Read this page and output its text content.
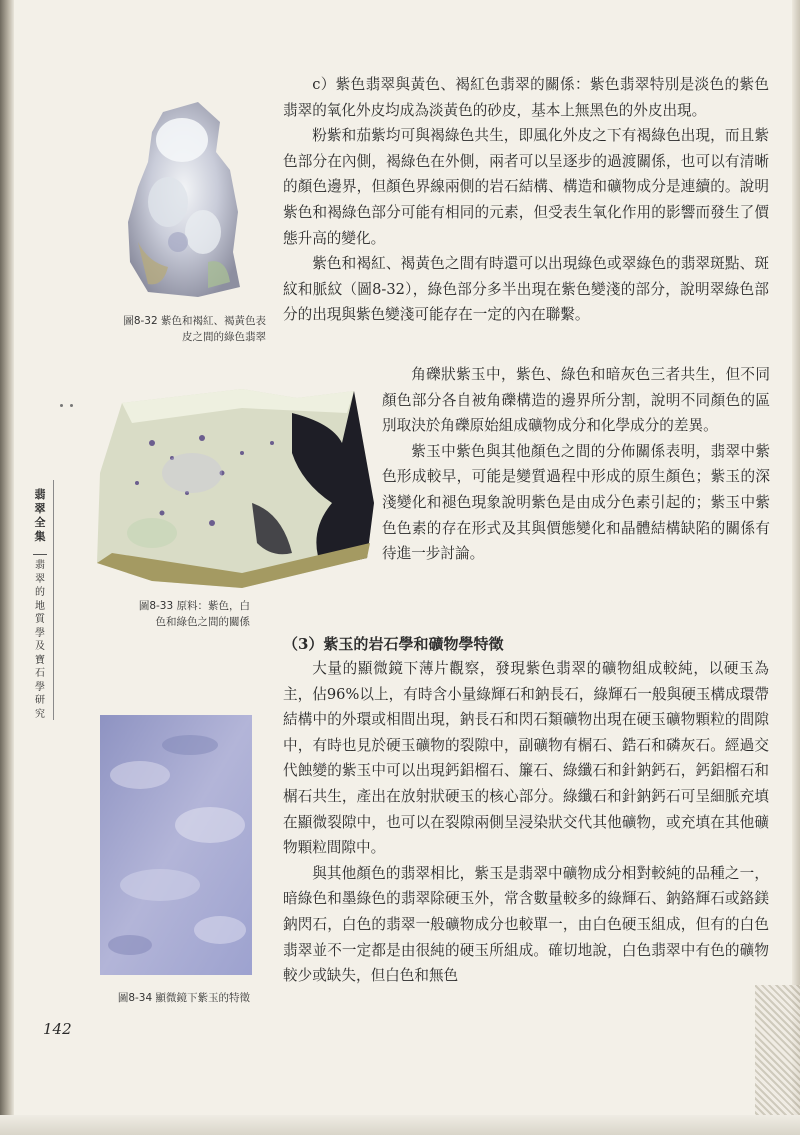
圖8-32 紫色和褐紅、褐黃色表皮之間的綠色翡翠
圖8-33 原料：紫色，白色和綠色之間的關係
圖8-34 顯微鏡下紫玉的特徵
翡翠全集
翡翠的地質學及寶石學研究

c）紫色翡翠與黃色、褐紅色翡翠的關係：紫色翡翠特別是淡色的紫色翡翠的氧化外皮均成為淡黃色的砂皮，基本上無黑色的外皮出現。

粉紫和茄紫均可與褐綠色共生，即風化外皮之下有褐綠色出現，而且紫色部分在內側，褐綠色在外側，兩者可以呈逐步的過渡關係，也可以有清晰的顏色邊界，但顏色界線兩側的岩石結構、構造和礦物成分是連續的。說明紫色和褐綠色部分可能有相同的元素，但受表生氧化作用的影響而發生了價態升高的變化。

紫色和褐紅、褐黃色之間有時還可以出現綠色或翠綠色的翡翠斑點、斑紋和脈紋（圖8-32），綠色部分多半出現在紫色變淺的部分，說明翠綠色部分的出現與紫色變淺可能存在一定的內在聯繫。

角礫狀紫玉中，紫色、綠色和暗灰色三者共生，但不同顏色部分各自被角礫構造的邊界所分割，說明不同顏色的區別取決於角礫原始組成礦物成分和化學成分的差異。

紫玉中紫色與其他顏色之間的分佈關係表明，翡翠中紫色形成較早，可能是變質過程中形成的原生顏色；紫玉的深淺變化和褪色現象說明紫色是由成分色素引起的；紫玉中紫色色素的存在形式及其與價態變化和晶體結構缺陷的關係有待進一步討論。

（3）紫玉的岩石學和礦物學特徵

大量的顯微鏡下薄片觀察，發現紫色翡翠的礦物組成較純，以硬玉為主，佔96%以上，有時含小量綠輝石和鈉長石，綠輝石一般與硬玉構成環帶結構中的外環或相間出現，鈉長石和閃石類礦物出現在硬玉礦物顆粒的間隙中，有時也見於硬玉礦物的裂隙中，副礦物有榍石、鋯石和磷灰石。經過交代蝕變的紫玉中可以出現鈣鋁榴石、簾石、綠纖石和針鈉鈣石，鈣鋁榴石和榍石共生，產出在放射狀硬玉的核心部分。綠纖石和針鈉鈣石可呈細脈充填在顯微裂隙中，也可以在裂隙兩側呈浸染狀交代其他礦物，或充填在其他礦物顆粒間隙中。

與其他顏色的翡翠相比，紫玉是翡翠中礦物成分相對較純的品種之一，暗綠色和墨綠色的翡翠除硬玉外，常含數量較多的綠輝石、鈉鉻輝石或鉻鎂鈉閃石，白色的翡翠一般礦物成分也較單一，由白色硬玉組成，但有的白色翡翠並不一定都是由很純的硬玉所組成。確切地說，白色翡翠中有色的礦物較少或缺失，但白色和無色

142
